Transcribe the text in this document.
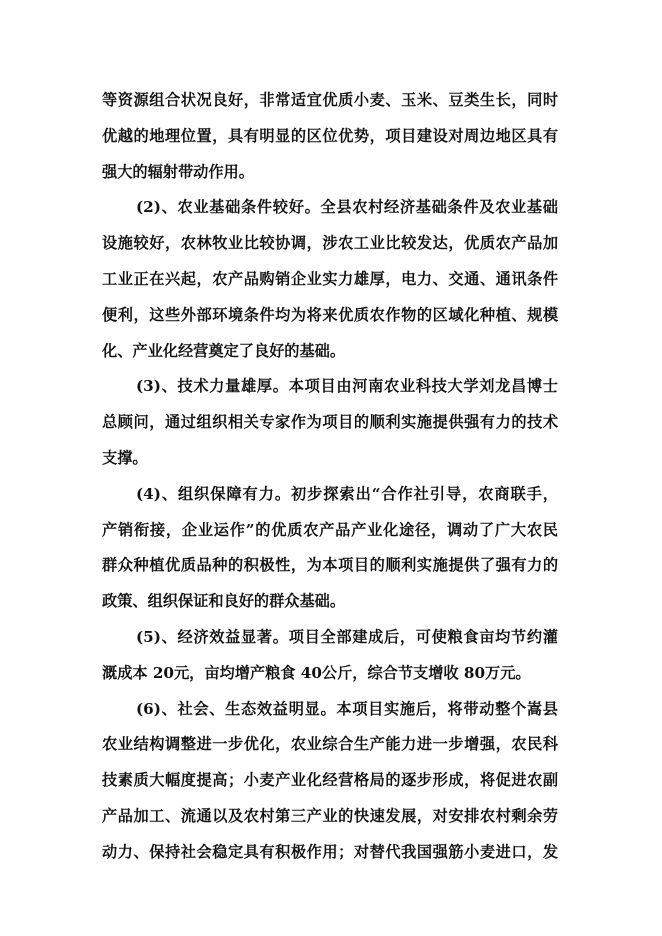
等资源组合状况良好，非常适宜优质小麦、玉米、豆类生长，同时
优越的地理位置，具有明显的区位优势，项目建设对周边地区具有
强大的辐射带动作用。
(2)、农业基础条件较好。全县农村经济基础条件及农业基础
设施较好，农林牧业比较协调，涉农工业比较发达，优质农产品加
工业正在兴起，农产品购销企业实力雄厚，电力、交通、通讯条件
便利，这些外部环境条件均为将来优质农作物的区域化种植、规模
化、产业化经营奠定了良好的基础。
(3)、技术力量雄厚。本项目由河南农业科技大学刘龙昌博士
总顾问，通过组织相关专家作为项目的顺利实施提供强有力的技术
支撑。
(4)、组织保障有力。初步探索出“合作社引导，农商联手，
产销衔接，企业运作”的优质农产品产业化途径，调动了广大农民
群众种植优质品种的积极性，为本项目的顺利实施提供了强有力的
政策、组织保证和良好的群众基础。
(5)、经济效益显著。项目全部建成后，可使粮食亩均节约灌
溉成本 20元，亩均增产粮食 40公斤，综合节支增收 80万元。
(6)、社会、生态效益明显。本项目实施后，将带动整个嵩县
农业结构调整进一步优化，农业综合生产能力进一步增强，农民科
技素质大幅度提高；小麦产业化经营格局的逐步形成，将促进农副
产品加工、流通以及农村第三产业的快速发展，对安排农村剩余劳
动力、保持社会稳定具有积极作用；对替代我国强筋小麦进口，发
